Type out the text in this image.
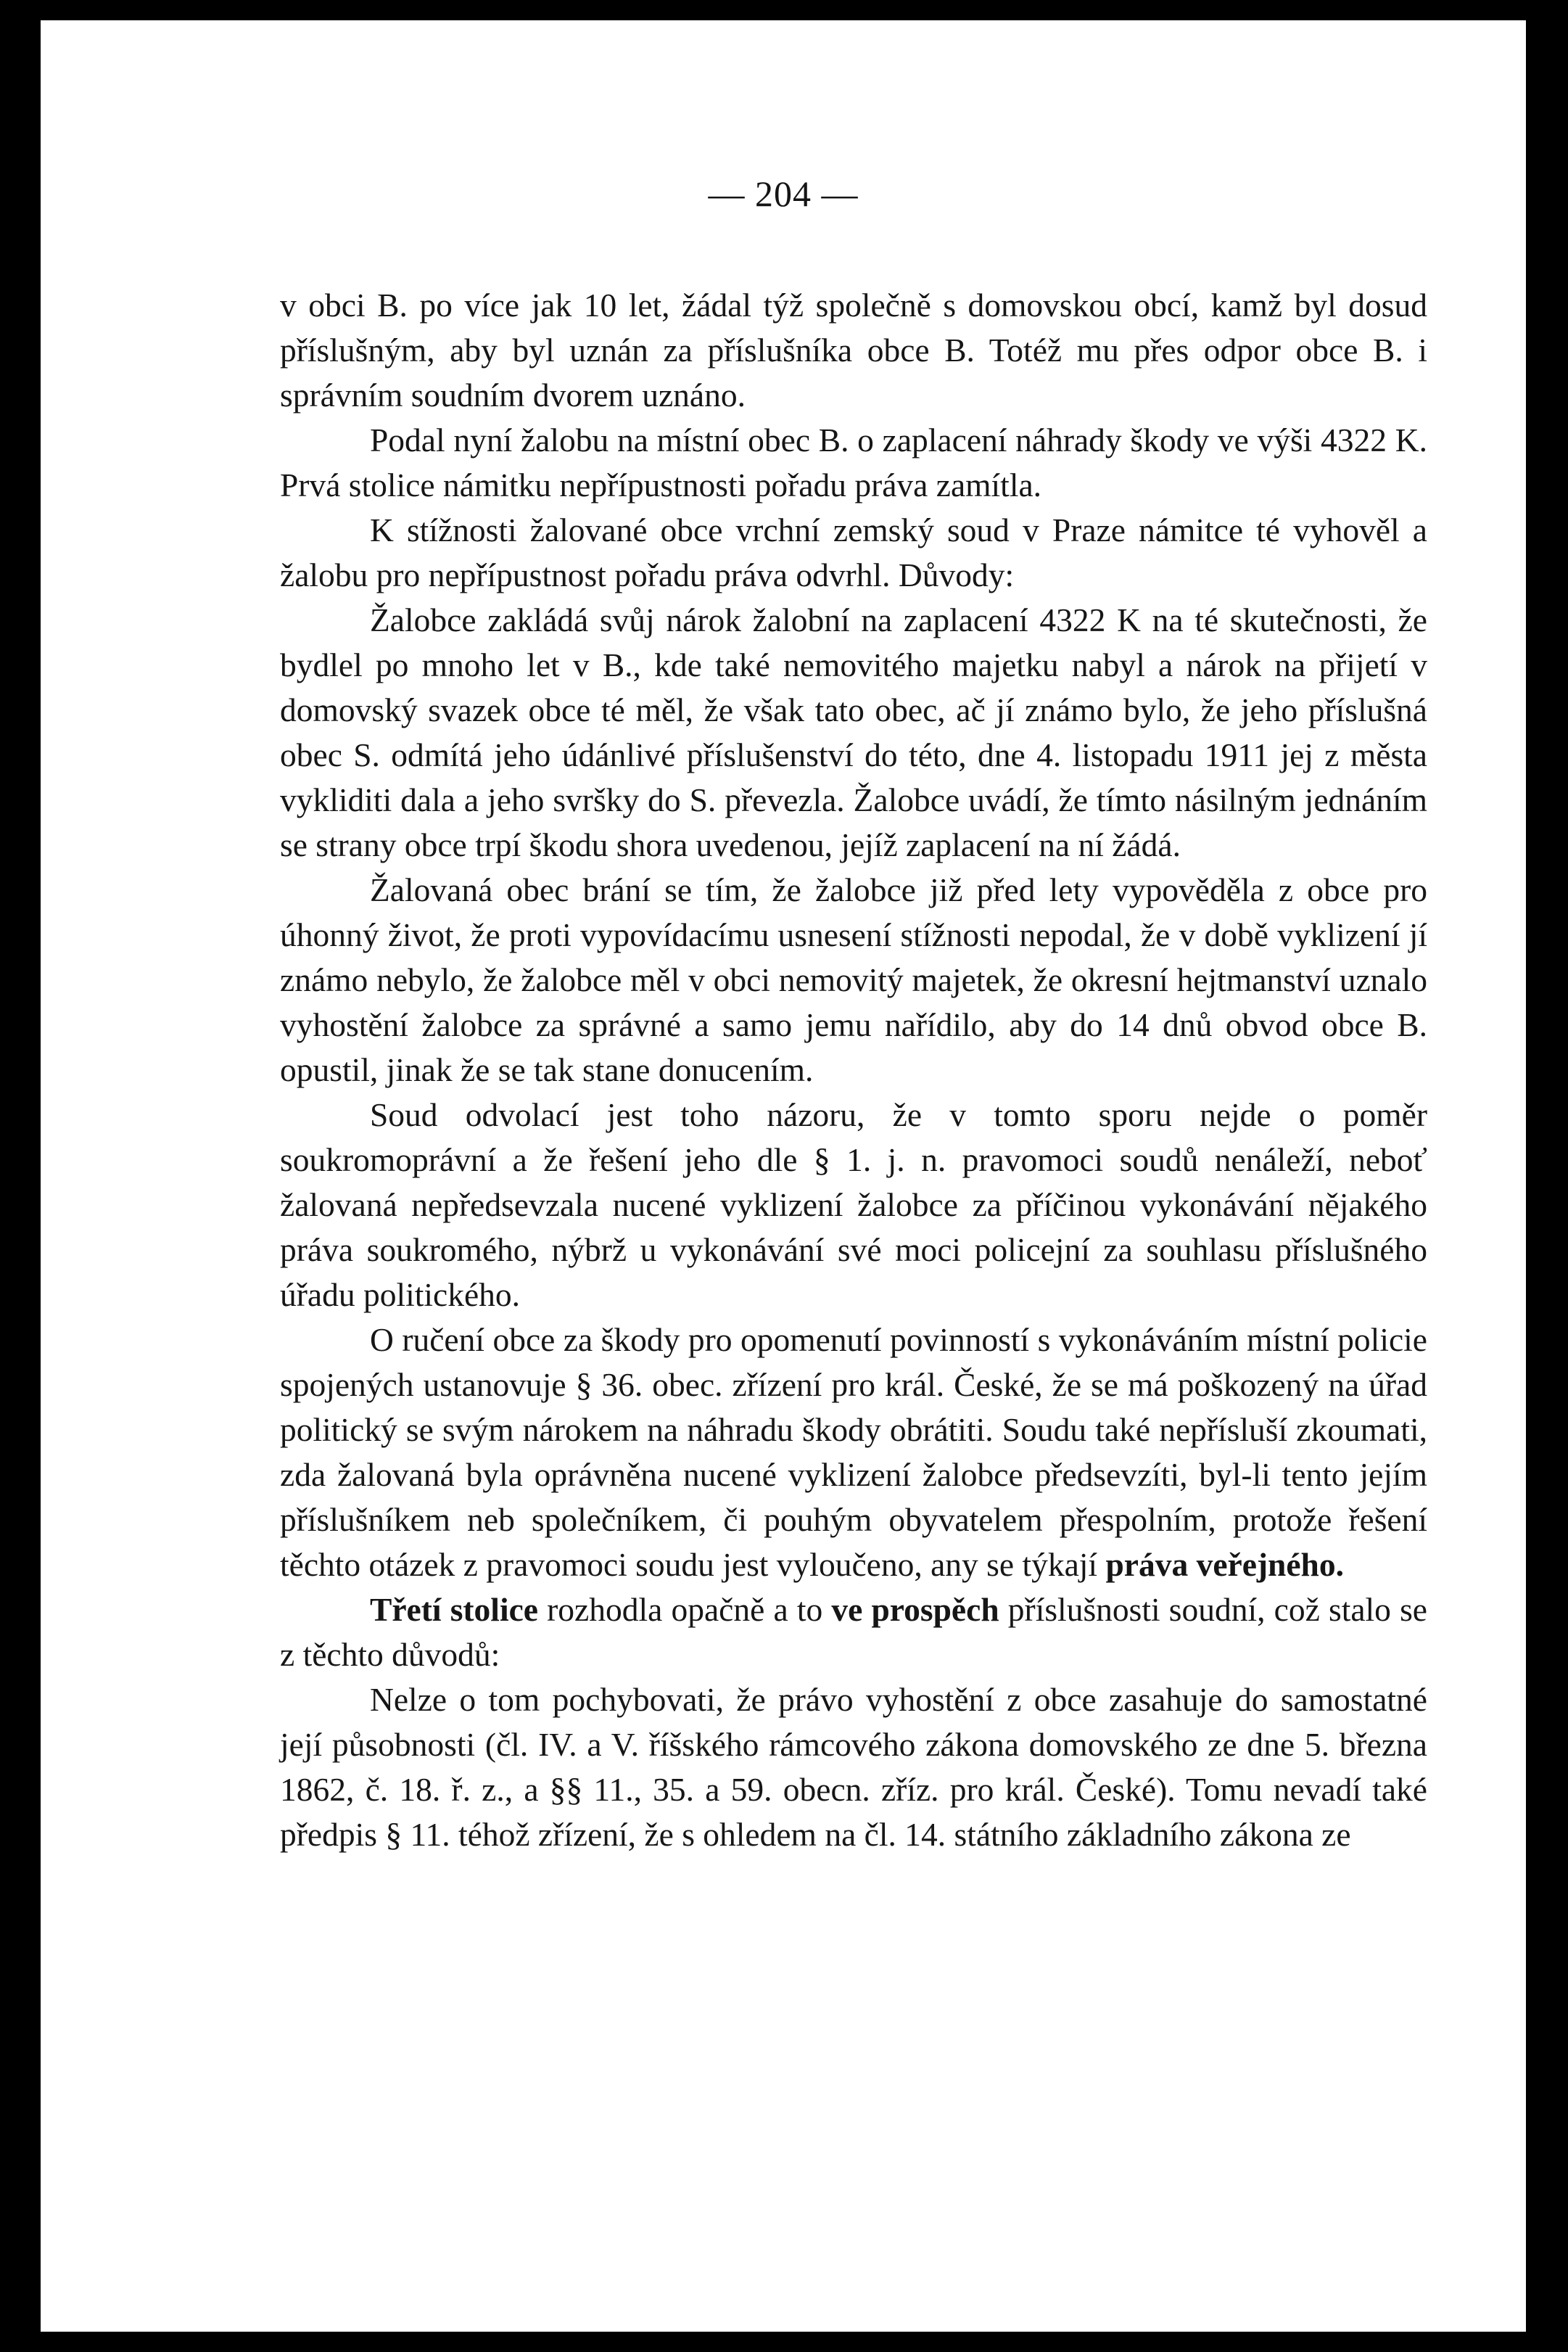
— 204 —

v obci B. po více jak 10 let, žádal týž společně s domovskou obcí, kamž byl dosud příslušným, aby byl uznán za příslušníka obce B. Totéž mu přes odpor obce B. i správním soudním dvorem uznáno.

Podal nyní žalobu na místní obec B. o zaplacení náhrady škody ve výši 4322 K. Prvá stolice námitku nepřípustnosti pořadu práva zamítla.

K stížnosti žalované obce vrchní zemský soud v Praze námitce té vyhověl a žalobu pro nepřípustnost pořadu práva odvrhl. Důvody:

Žalobce zakládá svůj nárok žalobní na zaplacení 4322 K na té skutečnosti, že bydlel po mnoho let v B., kde také nemovitého majetku nabyl a nárok na přijetí v domovský svazek obce té měl, že však tato obec, ač jí známo bylo, že jeho příslušná obec S. odmítá jeho údánlivé příslušenství do této, dne 4. listopadu 1911 jej z města vykliditi dala a jeho svršky do S. převezla. Žalobce uvádí, že tímto násilným jednáním se strany obce trpí škodu shora uvedenou, jejíž zaplacení na ní žádá.

Žalovaná obec brání se tím, že žalobce již před lety vypověděla z obce pro úhonný život, že proti vypovídacímu usnesení stížnosti nepodal, že v době vyklizení jí známo nebylo, že žalobce měl v obci nemovitý majetek, že okresní hejtmanství uznalo vyhostění žalobce za správné a samo jemu nařídilo, aby do 14 dnů obvod obce B. opustil, jinak že se tak stane donucením.

Soud odvolací jest toho názoru, že v tomto sporu nejde o poměr soukromoprávní a že řešení jeho dle § 1. j. n. pravomoci soudů nenáleží, neboť žalovaná nepředsevzala nucené vyklizení žalobce za příčinou vykonávání nějakého práva soukromého, nýbrž u vykonávání své moci policejní za souhlasu příslušného úřadu politického.

O ručení obce za škody pro opomenutí povinností s vykonáváním místní policie spojených ustanovuje § 36. obec. zřízení pro král. České, že se má poškozený na úřad politický se svým nárokem na náhradu škody obrátiti. Soudu také nepřísluší zkoumati, zda žalovaná byla oprávněna nucené vyklizení žalobce předsevzíti, byl-li tento jejím příslušníkem neb společníkem, či pouhým obyvatelem přespolním, protože řešení těchto otázek z pravomoci soudu jest vyloučeno, any se týkají práva veřejného.

Třetí stolice rozhodla opačně a to ve prospěch příslušnosti soudní, což stalo se z těchto důvodů:

Nelze o tom pochybovati, že právo vyhostění z obce zasahuje do samostatné její působnosti (čl. IV. a V. říšského rámcového zákona domovského ze dne 5. března 1862, č. 18. ř. z., a §§ 11., 35. a 59. obecn. zříz. pro král. České). Tomu nevadí také předpis § 11. téhož zřízení, že s ohledem na čl. 14. státního základního zákona ze
